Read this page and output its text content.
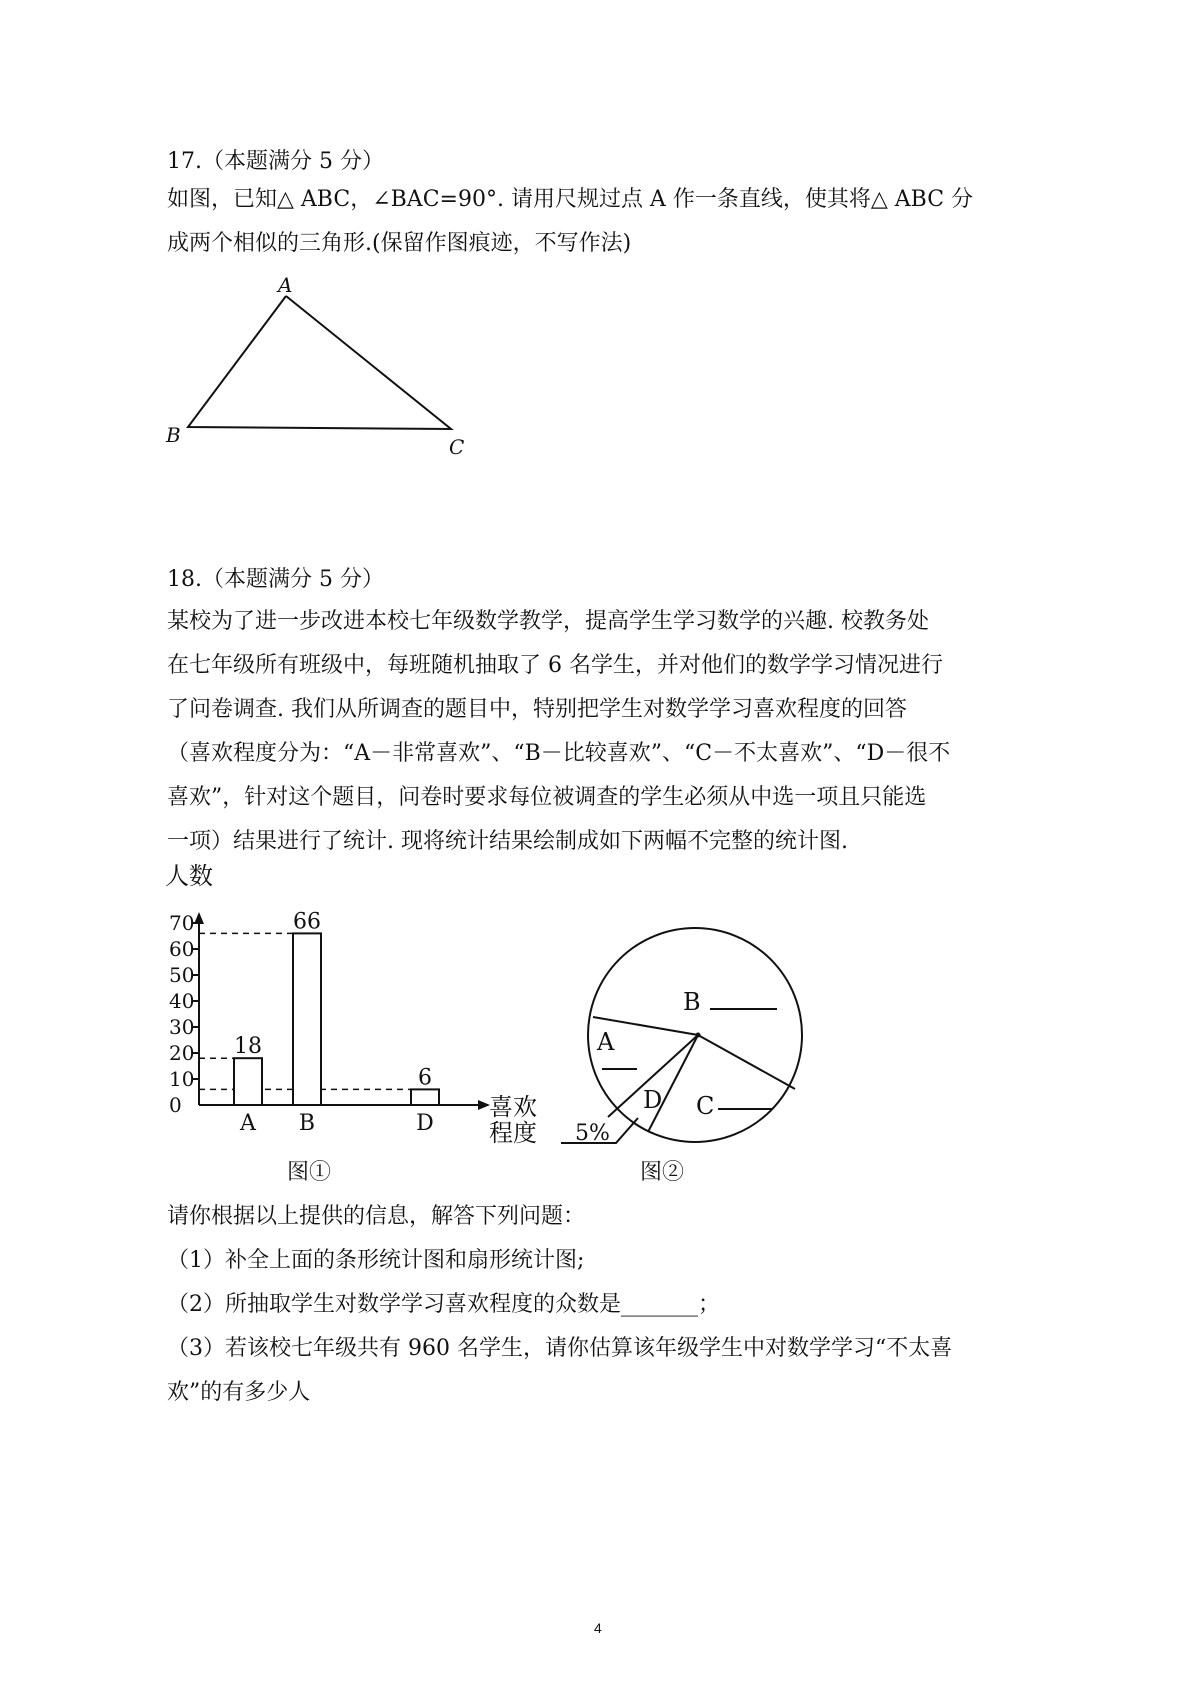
17.（本题满分 5 分）
如图，已知△ ABC，∠BAC=90°. 请用尺规过点 A 作一条直线，使其将△ ABC 分
成两个相似的三角形.(保留作图痕迹，不写作法)
A
B	C
18.（本题满分 5 分）
某校为了进一步改进本校七年级数学教学，提高学生学习数学的兴趣. 校教务处
在七年级所有班级中，每班随机抽取了 6 名学生，并对他们的数学学习情况进行
了问卷调查. 我们从所调查的题目中，特别把学生对数学学习喜欢程度的回答
（喜欢程度分为：“A－非常喜欢”、“B－比较喜欢”、“C－不太喜欢”、“D－很不
喜欢”，针对这个题目，问卷时要求每位被调查的学生必须从中选一项且只能选
一项）结果进行了统计. 现将统计结果绘制成如下两幅不完整的统计图.
人数
0
10
20
30
40
50
60
70
18
A
66
B
6
D
喜欢
程度
图①
B
A
C
D
5%
图②
请你根据以上提供的信息，解答下列问题：
（1）补全上面的条形统计图和扇形统计图;
（2）所抽取学生对数学学习喜欢程度的众数是_______；
（3）若该校七年级共有 960 名学生，请你估算该年级学生中对数学学习“不太喜
欢”的有多少人
4
